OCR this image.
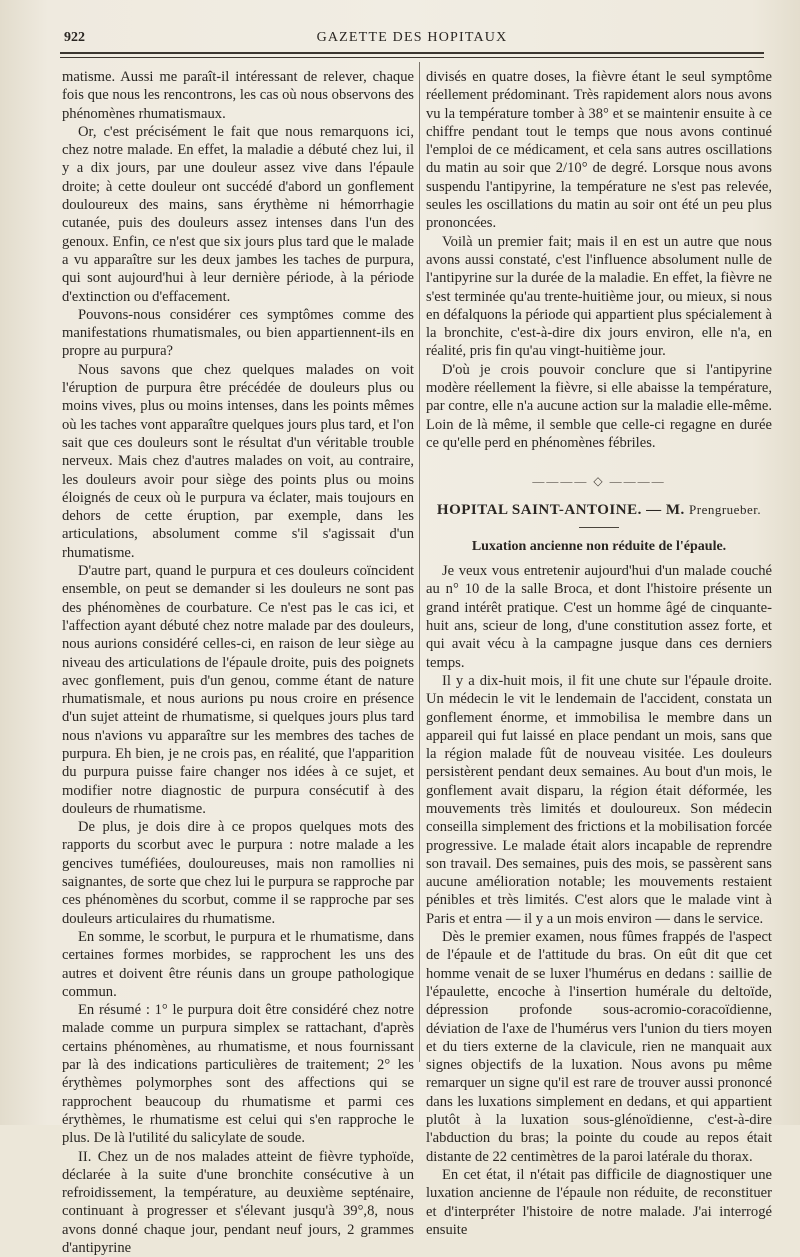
922	GAZETTE DES HOPITAUX

matisme. Aussi me paraît-il intéressant de relever, chaque fois que nous les rencontrons, les cas où nous observons des phénomènes rhumatismaux.

Or, c'est précisément le fait que nous remarquons ici, chez notre malade. En effet, la maladie a débuté chez lui, il y a dix jours, par une douleur assez vive dans l'épaule droite; à cette douleur ont succédé d'abord un gonflement douloureux des mains, sans érythème ni hémorrhagie cutanée, puis des douleurs assez intenses dans l'un des genoux. Enfin, ce n'est que six jours plus tard que le malade a vu apparaître sur les deux jambes les taches de purpura, qui sont aujourd'hui à leur dernière période, à la période d'extinction ou d'effacement.

Pouvons-nous considérer ces symptômes comme des manifestations rhumatismales, ou bien appartiennent-ils en propre au purpura?

Nous savons que chez quelques malades on voit l'éruption de purpura être précédée de douleurs plus ou moins vives, plus ou moins intenses, dans les points mêmes où les taches vont apparaître quelques jours plus tard, et l'on sait que ces douleurs sont le résultat d'un véritable trouble nerveux. Mais chez d'autres malades on voit, au contraire, les douleurs avoir pour siège des points plus ou moins éloignés de ceux où le purpura va éclater, mais toujours en dehors de cette éruption, par exemple, dans les articulations, absolument comme s'il s'agissait d'un rhumatisme.

D'autre part, quand le purpura et ces douleurs coïncident ensemble, on peut se demander si les douleurs ne sont pas des phénomènes de courbature. Ce n'est pas le cas ici, et l'affection ayant débuté chez notre malade par des douleurs, nous aurions considéré celles-ci, en raison de leur siège au niveau des articulations de l'épaule droite, puis des poignets avec gonflement, puis d'un genou, comme étant de nature rhumatismale, et nous aurions pu nous croire en présence d'un sujet atteint de rhumatisme, si quelques jours plus tard nous n'avions vu apparaître sur les membres des taches de purpura. Eh bien, je ne crois pas, en réalité, que l'apparition du purpura puisse faire changer nos idées à ce sujet, et modifier notre diagnostic de purpura consécutif à des douleurs de rhumatisme.

De plus, je dois dire à ce propos quelques mots des rapports du scorbut avec le purpura : notre malade a les gencives tuméfiées, douloureuses, mais non ramollies ni saignantes, de sorte que chez lui le purpura se rapproche par ces phénomènes du scorbut, comme il se rapproche par ses douleurs articulaires du rhumatisme.

En somme, le scorbut, le purpura et le rhumatisme, dans certaines formes morbides, se rapprochent les uns des autres et doivent être réunis dans un groupe pathologique commun.

En résumé : 1° le purpura doit être considéré chez notre malade comme un purpura simplex se rattachant, d'après certains phénomènes, au rhumatisme, et nous fournissant par là des indications particulières de traitement; 2° les érythèmes polymorphes sont des affections qui se rapprochent beaucoup du rhumatisme et parmi ces érythèmes, le rhumatisme est celui qui s'en rapproche le plus. De là l'utilité du salicylate de soude.

II. Chez un de nos malades atteint de fièvre typhoïde, déclarée à la suite d'une bronchite consécutive à un refroidissement, la température, au deuxième septénaire, continuant à progresser et s'élevant jusqu'à 39°,8, nous avons donné chaque jour, pendant neuf jours, 2 grammes d'antipyrine

divisés en quatre doses, la fièvre étant le seul symptôme réellement prédominant. Très rapidement alors nous avons vu la température tomber à 38° et se maintenir ensuite à ce chiffre pendant tout le temps que nous avons continué l'emploi de ce médicament, et cela sans autres oscillations du matin au soir que 2/10° de degré. Lorsque nous avons suspendu l'antipyrine, la température ne s'est pas relevée, seules les oscillations du matin au soir ont été un peu plus prononcées.

Voilà un premier fait; mais il en est un autre que nous avons aussi constaté, c'est l'influence absolument nulle de l'antipyrine sur la durée de la maladie. En effet, la fièvre ne s'est terminée qu'au trente-huitième jour, ou mieux, si nous en défalquons la période qui appartient plus spécialement à la bronchite, c'est-à-dire dix jours environ, elle n'a, en réalité, pris fin qu'au vingt-huitième jour.

D'où je crois pouvoir conclure que si l'antipyrine modère réellement la fièvre, si elle abaisse la température, par contre, elle n'a aucune action sur la maladie elle-même. Loin de là même, il semble que celle-ci regagne en durée ce qu'elle perd en phénomènes fébriles.

———— ◇ ————
HOPITAL SAINT-ANTOINE. — M. Prengrueber.
Luxation ancienne non réduite de l'épaule.

Je veux vous entretenir aujourd'hui d'un malade couché au n° 10 de la salle Broca, et dont l'histoire présente un grand intérêt pratique. C'est un homme âgé de cinquante-huit ans, scieur de long, d'une constitution assez forte, et qui avait vécu à la campagne jusque dans ces derniers temps.

Il y a dix-huit mois, il fit une chute sur l'épaule droite. Un médecin le vit le lendemain de l'accident, constata un gonflement énorme, et immobilisa le membre dans un appareil qui fut laissé en place pendant un mois, sans que la région malade fût de nouveau visitée. Les douleurs persistèrent pendant deux semaines. Au bout d'un mois, le gonflement avait disparu, la région était déformée, les mouvements très limités et douloureux. Son médecin conseilla simplement des frictions et la mobilisation forcée progressive. Le malade était alors incapable de reprendre son travail. Des semaines, puis des mois, se passèrent sans aucune amélioration notable; les mouvements restaient pénibles et très limités. C'est alors que le malade vint à Paris et entra — il y a un mois environ — dans le service.

Dès le premier examen, nous fûmes frappés de l'aspect de l'épaule et de l'attitude du bras. On eût dit que cet homme venait de se luxer l'humérus en dedans : saillie de l'épaulette, encoche à l'insertion humérale du deltoïde, dépression profonde sous-acromio-coracoïdienne, déviation de l'axe de l'humérus vers l'union du tiers moyen et du tiers externe de la clavicule, rien ne manquait aux signes objectifs de la luxation. Nous avons pu même remarquer un signe qu'il est rare de trouver aussi prononcé dans les luxations simplement en dedans, et qui appartient plutôt à la luxation sous-glénoïdienne, c'est-à-dire l'abduction du bras; la pointe du coude au repos était distante de 22 centimètres de la paroi latérale du thorax.

En cet état, il n'était pas difficile de diagnostiquer une luxation ancienne de l'épaule non réduite, de reconstituer et d'interpréter l'histoire de notre malade. J'ai interrogé ensuite
